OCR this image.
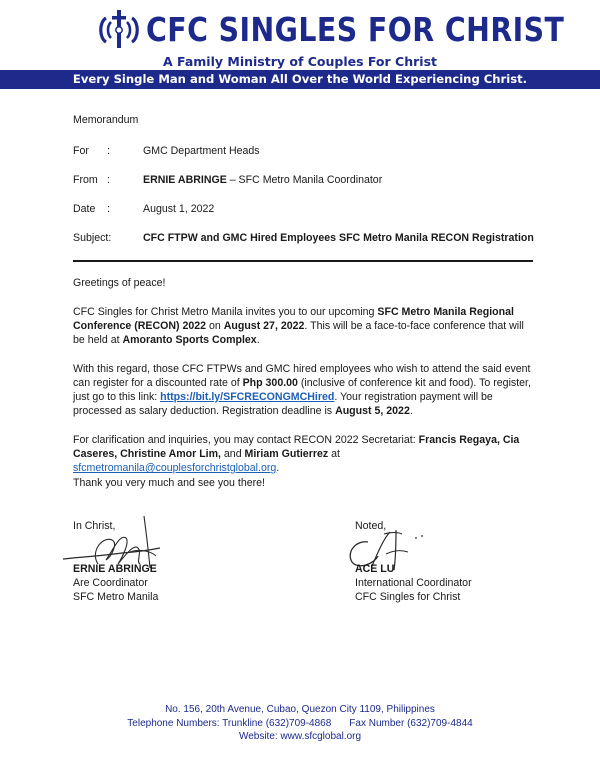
CFC SINGLES FOR CHRIST
A Family Ministry of Couples For Christ
Every Single Man and Woman All Over the World Experiencing Christ.
Memorandum
For :	GMC Department Heads
From :	ERNIE ABRINGE – SFC Metro Manila Coordinator
Date :	August 1, 2022
Subject:	CFC FTPW and GMC Hired Employees SFC Metro Manila RECON Registration
Greetings of peace!

CFC Singles for Christ Metro Manila invites you to our upcoming SFC Metro Manila Regional Conference (RECON) 2022 on August 27, 2022. This will be a face-to-face conference that will be held at Amoranto Sports Complex.

With this regard, those CFC FTPWs and GMC hired employees who wish to attend the said event can register for a discounted rate of Php 300.00 (inclusive of conference kit and food). To register, just go to this link: https://bit.ly/SFCRECONGMCHired. Your registration payment will be processed as salary deduction. Registration deadline is August 5, 2022.

For clarification and inquiries, you may contact RECON 2022 Secretariat: Francis Regaya, Cia Caseres, Christine Amor Lim, and Miriam Gutierrez at sfcmetromanila@couplesforchristglobal.org.

Thank you very much and see you there!
In Christ,
ERNIE ABRINGE
Are Coordinator
SFC Metro Manila
Noted,
ACE LU
International Coordinator
CFC Singles for Christ
No. 156, 20th Avenue, Cubao, Quezon City 1109, Philippines
Telephone Numbers: Trunkline (632)709-4868 Fax Number (632)709-4844
Website: www.sfcglobal.org
